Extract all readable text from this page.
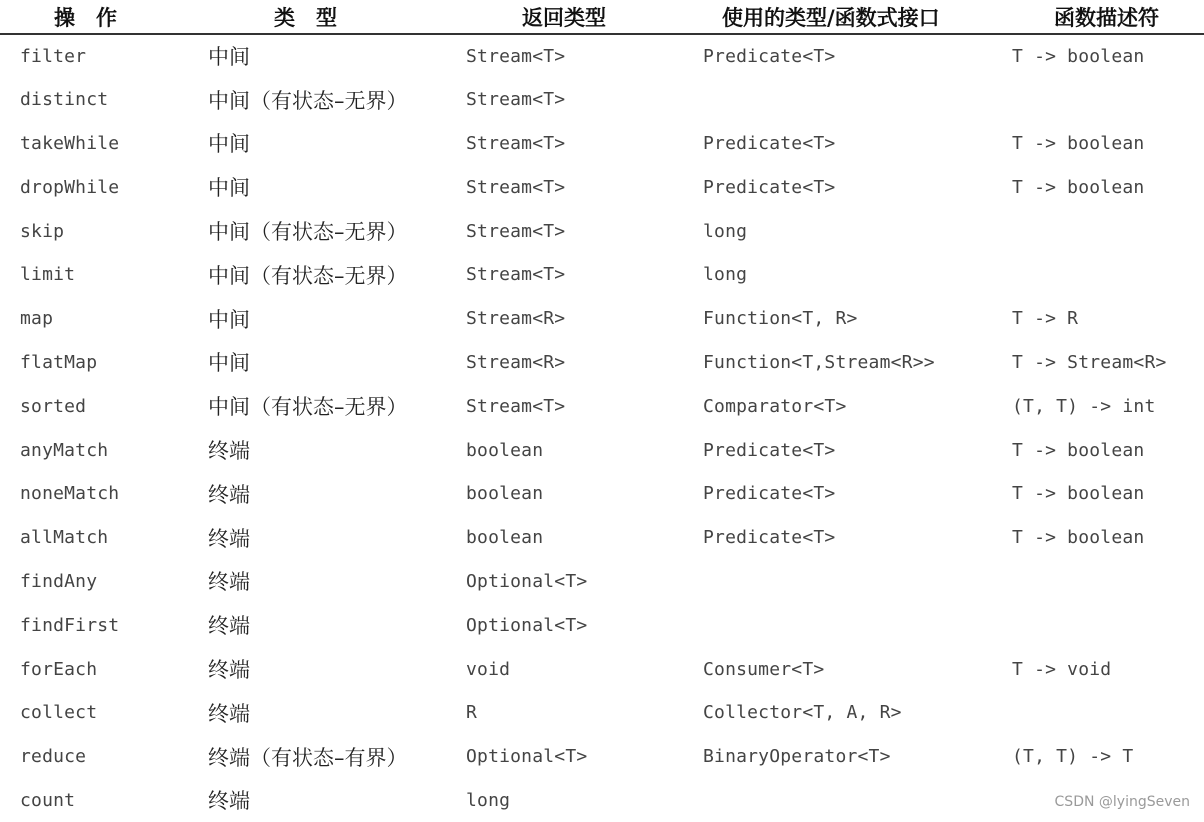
操　作	类　型	返回类型	使用的类型/函数式接口	函数描述符
filter	中间	Stream<T>	Predicate<T>	T -> boolean
distinct	中间（有状态–无界）	Stream<T>		
takeWhile	中间	Stream<T>	Predicate<T>	T -> boolean
dropWhile	中间	Stream<T>	Predicate<T>	T -> boolean
skip	中间（有状态–无界）	Stream<T>	long	
limit	中间（有状态–无界）	Stream<T>	long	
map	中间	Stream<R>	Function<T, R>	T -> R
flatMap	中间	Stream<R>	Function<T,Stream<R>>	T -> Stream<R>
sorted	中间（有状态–无界）	Stream<T>	Comparator<T>	(T, T) -> int
anyMatch	终端	boolean	Predicate<T>	T -> boolean
noneMatch	终端	boolean	Predicate<T>	T -> boolean
allMatch	终端	boolean	Predicate<T>	T -> boolean
findAny	终端	Optional<T>		
findFirst	终端	Optional<T>		
forEach	终端	void	Consumer<T>	T -> void
collect	终端	R	Collector<T, A, R>	
reduce	终端（有状态–有界）	Optional<T>	BinaryOperator<T>	(T, T) -> T
count	终端	long			CSDN @lyingSeven
